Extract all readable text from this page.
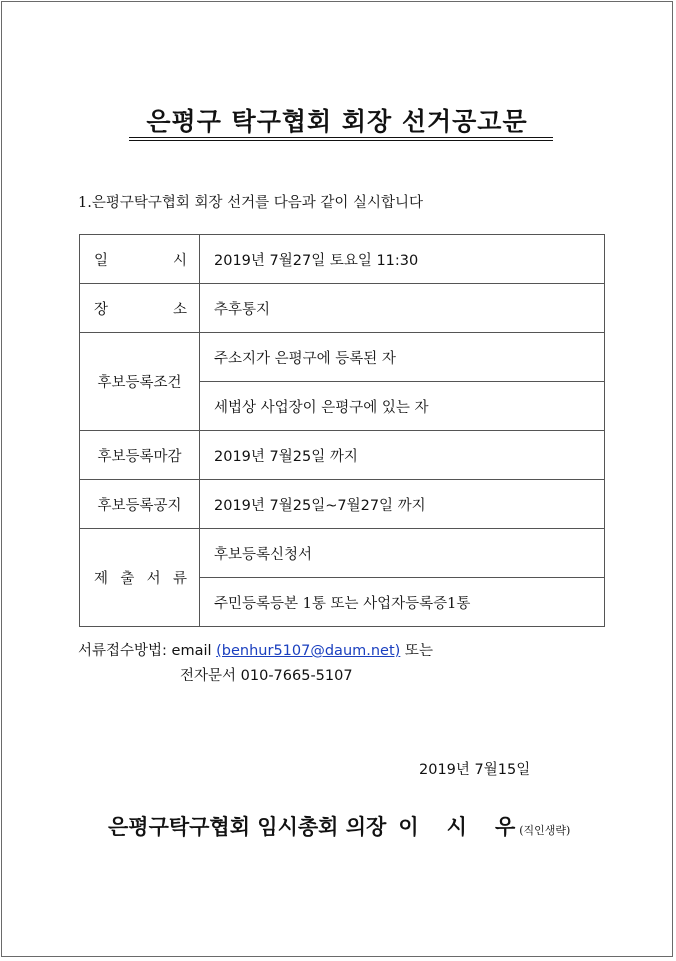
은평구 탁구협회 회장 선거공고문
1.은평구탁구협회 회장 선거를 다음과 같이 실시합니다
일 시	2019년 7월27일 토요일 11:30

장 소	추후통지
후보등록조건	주소지가 은평구에 등록된 자
	세법상 사업장이 은평구에 있는 자
후보등록마감	2019년 7월25일 까지
후보등록공지	2019년 7월25일~7월27일 까지

제 출 서 류	후보등록신청서
	주민등록등본 1통 또는 사업자등록증1통
서류접수방법: email (benhur5107@daum.net) 또는
전자문서 010-7665-5107
2019년 7월15일
은평구탁구협회 임시총회 의장 이 시 우 (직인생략)
